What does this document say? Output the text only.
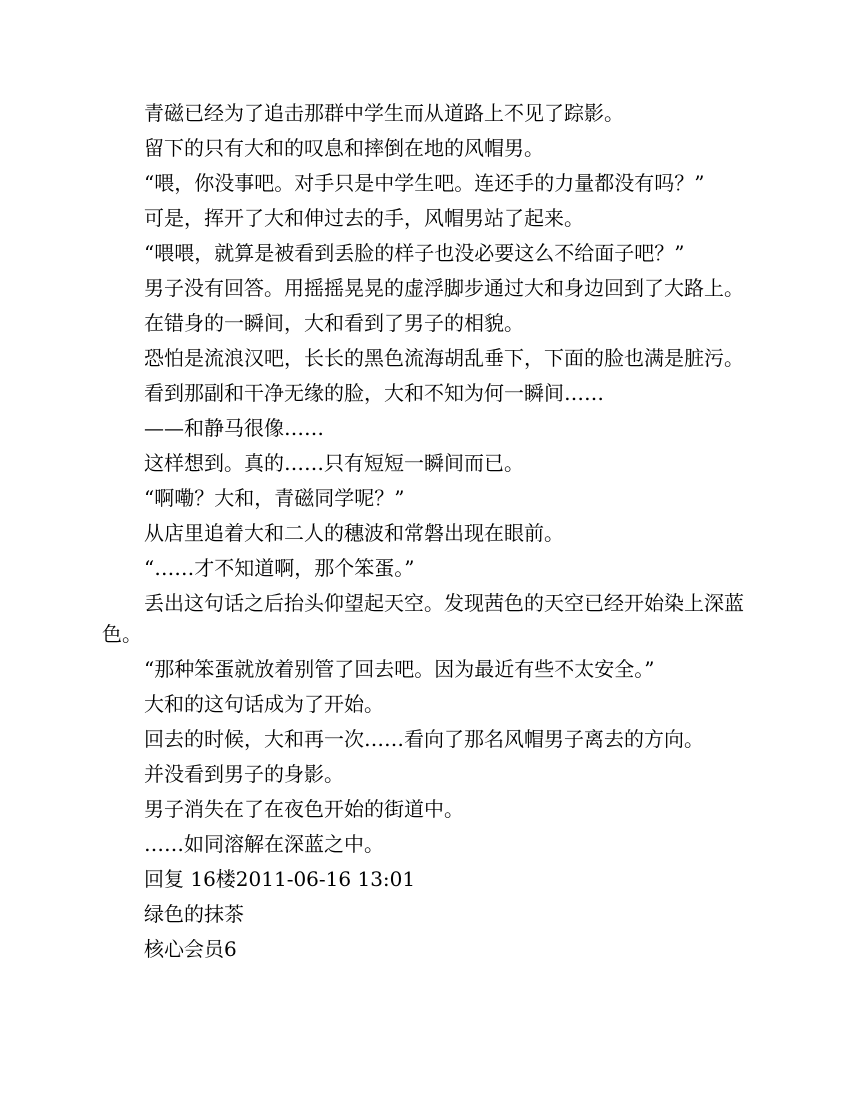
青磁已经为了追击那群中学生而从道路上不见了踪影。

留下的只有大和的叹息和摔倒在地的风帽男。

“喂，你没事吧。对手只是中学生吧。连还手的力量都没有吗？”

可是，挥开了大和伸过去的手，风帽男站了起来。

“喂喂，就算是被看到丢脸的样子也没必要这么不给面子吧？”

男子没有回答。用摇摇晃晃的虚浮脚步通过大和身边回到了大路上。

在错身的一瞬间，大和看到了男子的相貌。

恐怕是流浪汉吧，长长的黑色流海胡乱垂下，下面的脸也满是脏污。

看到那副和干净无缘的脸，大和不知为何一瞬间……

——和静马很像……

这样想到。真的……只有短短一瞬间而已。

“啊嘞？大和，青磁同学呢？”

从店里追着大和二人的穗波和常磐出现在眼前。

“……才不知道啊，那个笨蛋。”

丢出这句话之后抬头仰望起天空。发现茜色的天空已经开始染上深蓝色。

“那种笨蛋就放着别管了回去吧。因为最近有些不太安全。”

大和的这句话成为了开始。

回去的时候，大和再一次……看向了那名风帽男子离去的方向。

并没看到男子的身影。

男子消失在了在夜色开始的街道中。

……如同溶解在深蓝之中。

回复 16楼2011-06-16 13:01

绿色的抹茶

核心会员6
